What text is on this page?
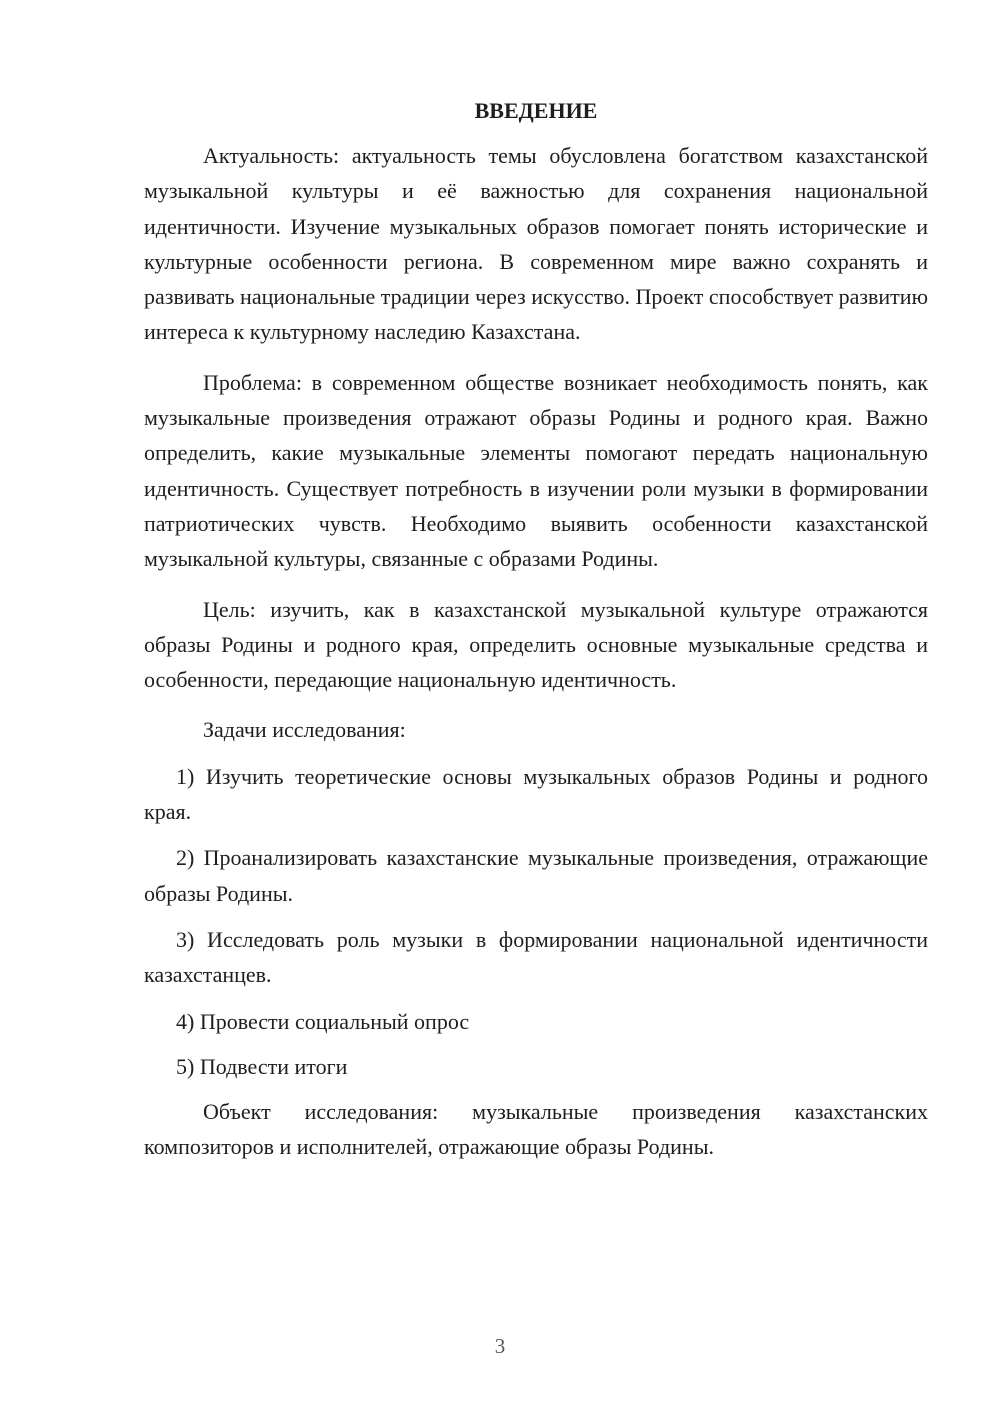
ВВЕДЕНИЕ

Актуальность: актуальность темы обусловлена богатством казахстанской музыкальной культуры и её важностью для сохранения национальной идентичности. Изучение музыкальных образов помогает понять исторические и культурные особенности региона. В современном мире важно сохранять и развивать национальные традиции через искусство. Проект способствует развитию интереса к культурному наследию Казахстана.

Проблема: в современном обществе возникает необходимость понять, как музыкальные произведения отражают образы Родины и родного края. Важно определить, какие музыкальные элементы помогают передать национальную идентичность. Существует потребность в изучении роли музыки в формировании патриотических чувств. Необходимо выявить особенности казахстанской музыкальной культуры, связанные с образами Родины.

Цель: изучить, как в казахстанской музыкальной культуре отражаются образы Родины и родного края, определить основные музыкальные средства и особенности, передающие национальную идентичность.

Задачи исследования:

1) Изучить теоретические основы музыкальных образов Родины и родного края.

2) Проанализировать казахстанские музыкальные произведения, отражающие образы Родины.

3) Исследовать роль музыки в формировании национальной идентичности казахстанцев.

4) Провести социальный опрос

5) Подвести итоги

Объект исследования: музыкальные произведения казахстанских композиторов и исполнителей, отражающие образы Родины.

3
